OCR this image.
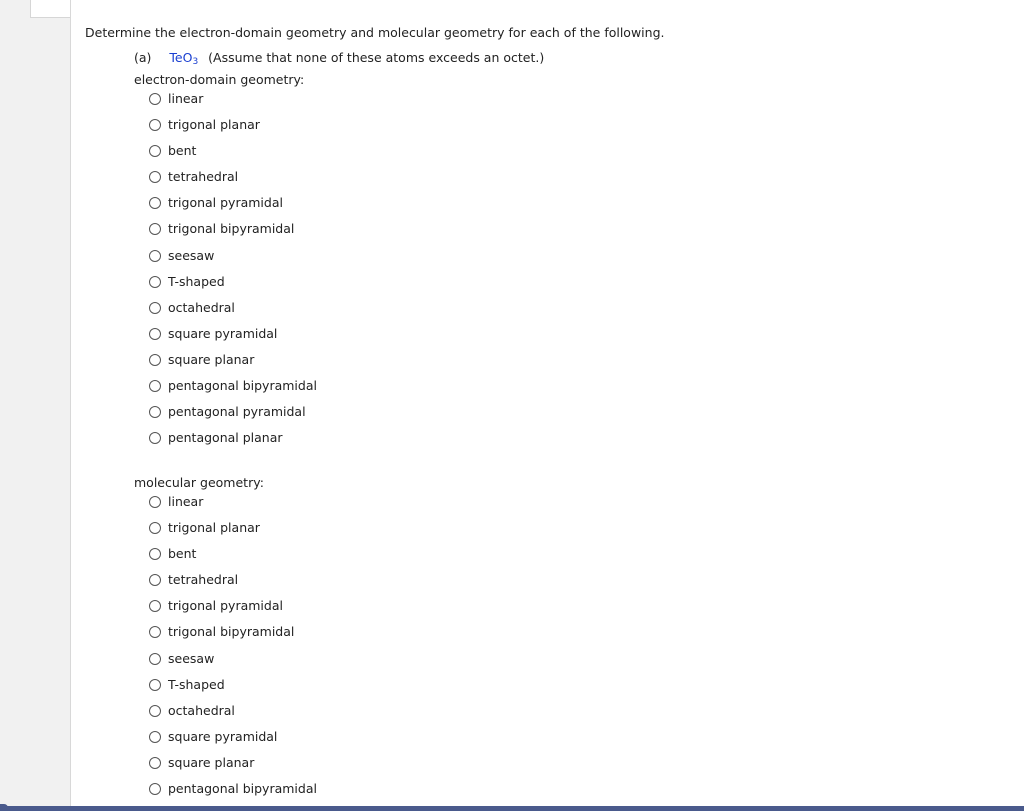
Determine the electron-domain geometry and molecular geometry for each of the following.
(a) TeO$_3$ (Assume that none of these atoms exceeds an octet.)
electron-domain geometry:
linear
trigonal planar
bent
tetrahedral
trigonal pyramidal
trigonal bipyramidal
seesaw
T-shaped
octahedral
square pyramidal
square planar
pentagonal bipyramidal
pentagonal pyramidal
pentagonal planar
molecular geometry:
linear
trigonal planar
bent
tetrahedral
trigonal pyramidal
trigonal bipyramidal
seesaw
T-shaped
octahedral
square pyramidal
square planar
pentagonal bipyramidal
